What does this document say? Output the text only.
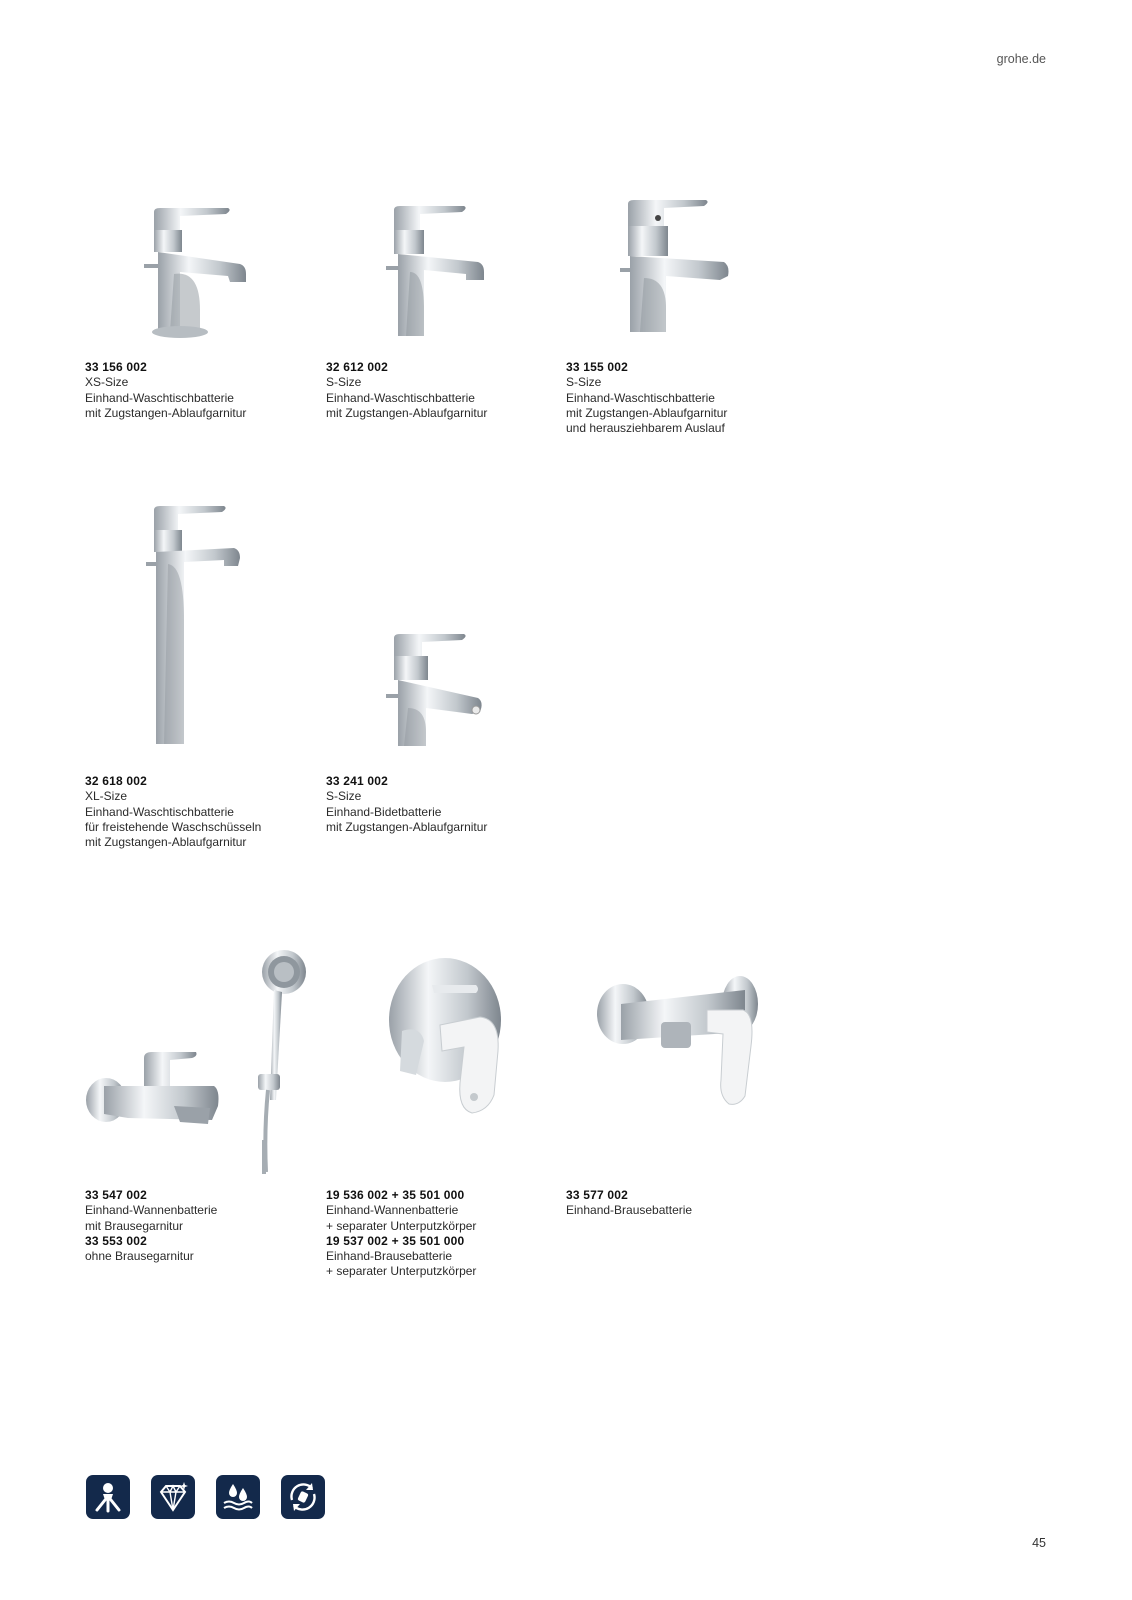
grohe.de
33 156 002
XS-Size
Einhand-Waschtischbatterie
mit Zugstangen-Ablaufgarnitur
32 612 002
S-Size
Einhand-Waschtischbatterie
mit Zugstangen-Ablaufgarnitur
33 155 002
S-Size
Einhand-Waschtischbatterie
mit Zugstangen-Ablaufgarnitur
und herausziehbarem Auslauf
32 618 002
XL-Size
Einhand-Waschtischbatterie
für freistehende Waschschüsseln
mit Zugstangen-Ablaufgarnitur
33 241 002
S-Size
Einhand-Bidetbatterie
mit Zugstangen-Ablaufgarnitur
33 547 002
Einhand-Wannenbatterie
mit Brausegarnitur
33 553 002
ohne Brausegarnitur
19 536 002 + 35 501 000
Einhand-Wannenbatterie
+ separater Unterputzkörper
19 537 002 + 35 501 000
Einhand-Brausebatterie
+ separater Unterputzkörper
33 577 002
Einhand-Brausebatterie
45
